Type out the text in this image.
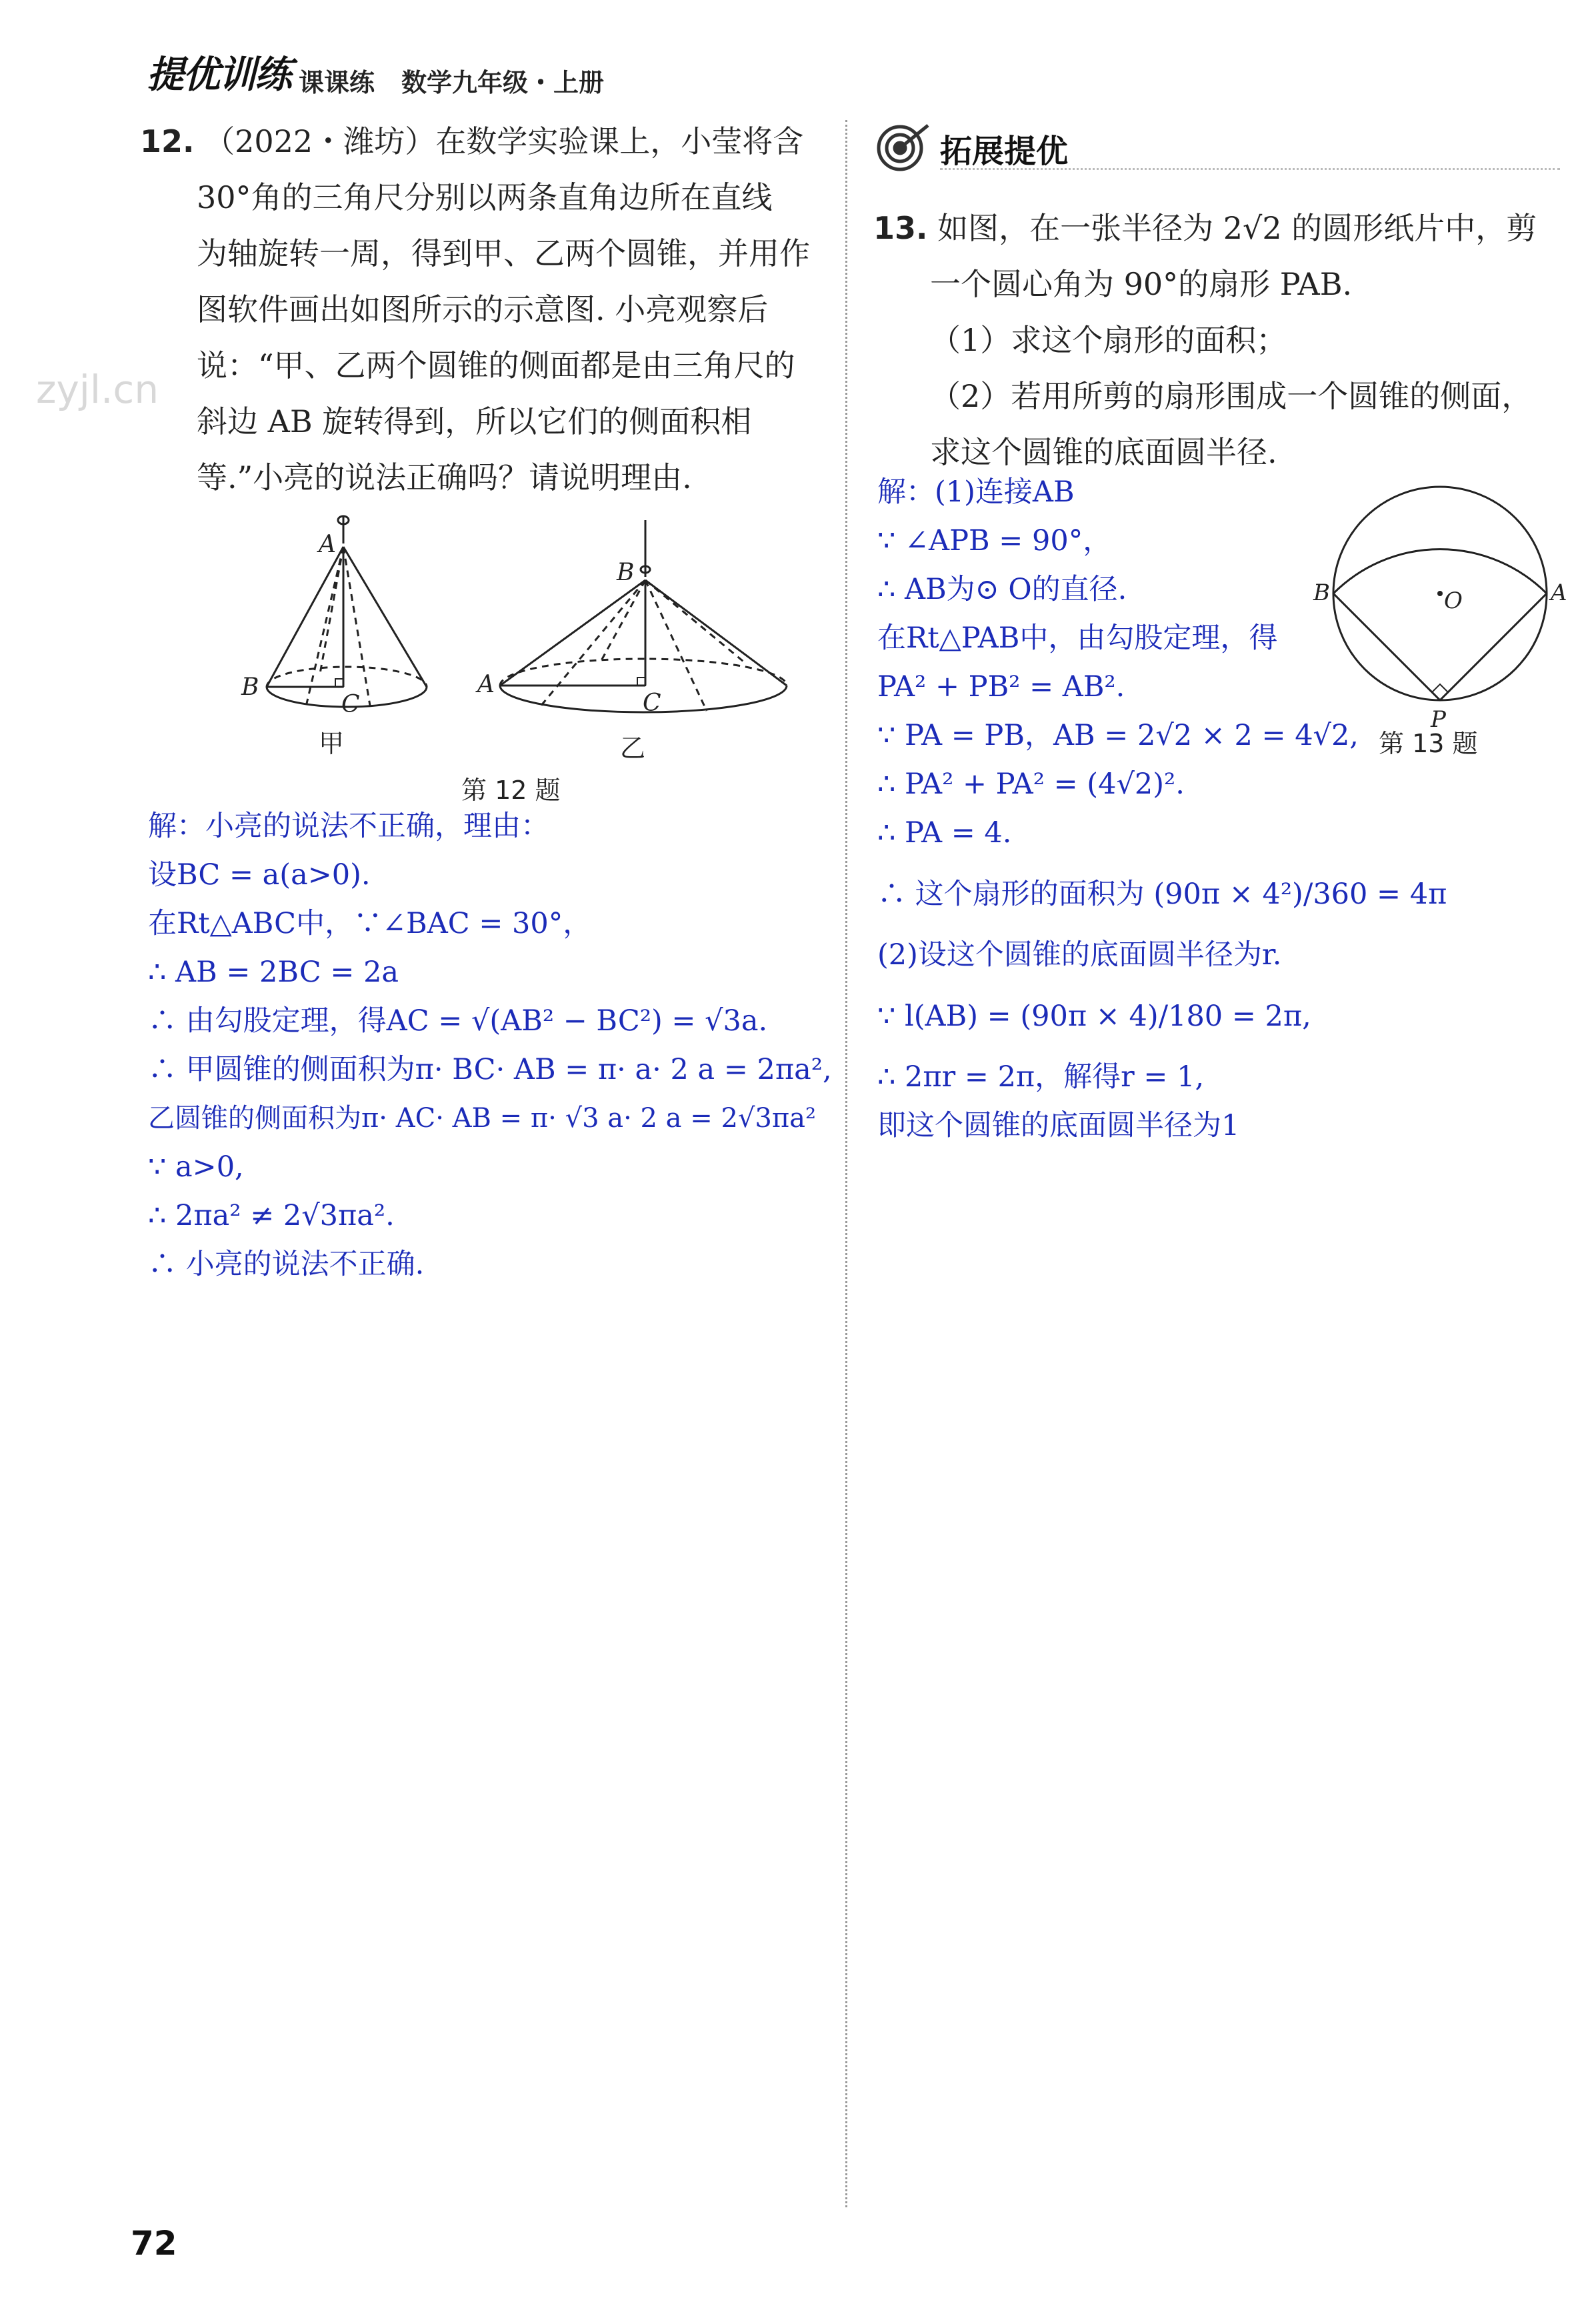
提优训练 课课练 数学九年级・上册
zyjl.cn

12. （2022・潍坊）在数学实验课上，小莹将含

30°角的三角尺分别以两条直角边所在直线

为轴旋转一周，得到甲、乙两个圆锥，并用作

图软件画出如图所示的示意图. 小亮观察后

说：“甲、乙两个圆锥的侧面都是由三角尺的

斜边 AB 旋转得到，所以它们的侧面积相

等.”小亮的说法正确吗？请说明理由.

A
B
C
B
A
C
甲	乙
第 12 题

解：小亮的说法不正确，理由：

设BC = a(a>0).

在Rt△ABC中，∵∠BAC = 30°，

∴ AB = 2BC = 2a

∴ 由勾股定理，得AC = √(AB² − BC²) = √3a.

∴ 甲圆锥的侧面积为π· BC· AB = π· a· 2 a = 2πa²,

乙圆锥的侧面积为π· AC· AB = π· √3 a· 2 a = 2√3πa²

∵ a>0,

∴ 2πa² ≠ 2√3πa².

∴ 小亮的说法不正确.

拓展提优

13. 如图，在一张半径为 2√2 的圆形纸片中，剪

一个圆心角为 90°的扇形 PAB.

（1）求这个扇形的面积；

（2）若用所剪的扇形围成一个圆锥的侧面，

求这个圆锥的底面圆半径.

B	A
O
P
第 13 题

解：(1)连接AB

∵ ∠APB = 90°，

∴ AB为⊙ O的直径.

在Rt△PAB中，由勾股定理，得

PA² + PB² = AB².

∵ PA = PB，AB = 2√2 × 2 = 4√2,

∴ PA² + PA² = (4√2)².

∴ PA = 4.

∴ 这个扇形的面积为 (90π × 4²)/360 = 4π

(2)设这个圆锥的底面圆半径为r.

∵ l(AB) = (90π × 4)/180 = 2π,

∴ 2πr = 2π，解得r = 1,

即这个圆锥的底面圆半径为1

72
